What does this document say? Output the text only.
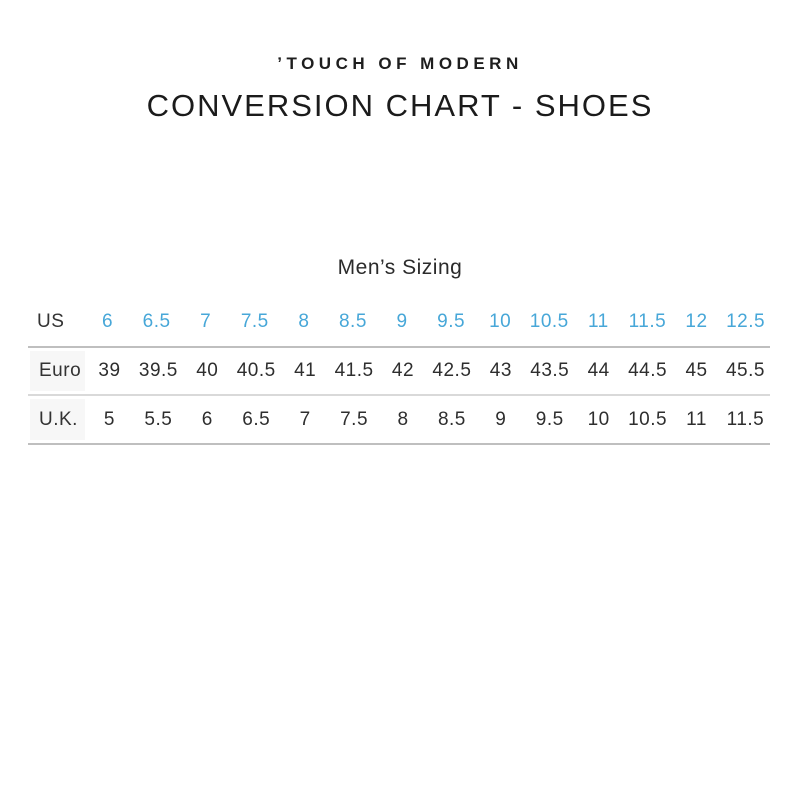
ʼTOUCH OF MODERN
CONVERSION CHART - SHOES
Men’s Sizing
US	6	6.5	7	7.5	8	8.5	9	9.5	10 10.5	11	11.5	12 12.5
Euro 39 39.5 40 40.5 41 41.5 42 42.5 43 43.5 44 44.5 45 45.5
U.K.	5	5.5	6	6.5	7	7.5	8	8.5	9	9.5	10 10.5	11	11.5
